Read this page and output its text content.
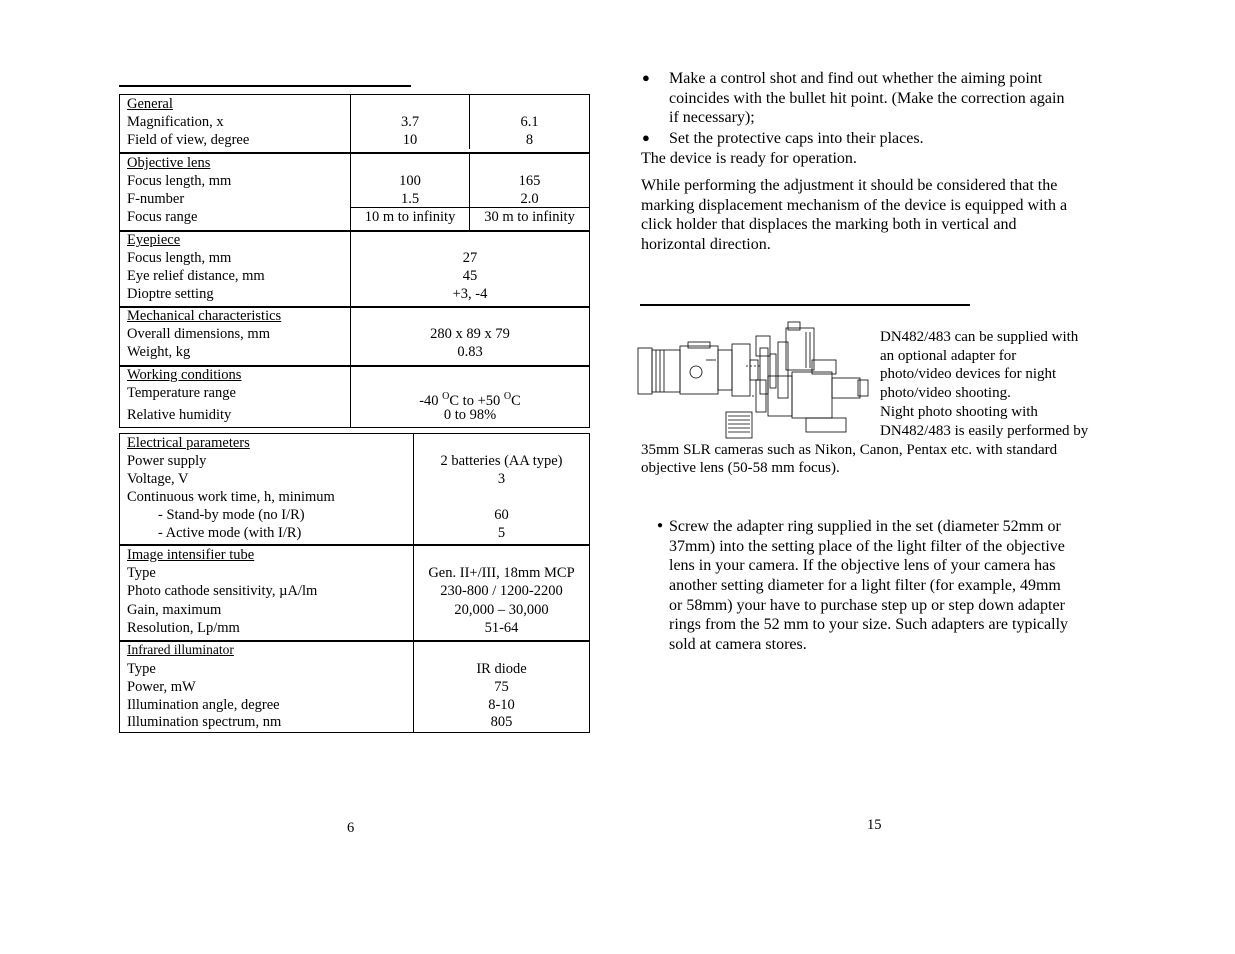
General
Magnification, x	3.7	6.1
Field of view, degree	10	8
Objective lens
Focus length, mm	100	165
F-number	1.5	2.0
Focus range	10 m to infinity	30 m to infinity
Eyepiece
Focus length, mm	27
Eye relief distance, mm	45
Dioptre setting	+3, -4
Mechanical characteristics
Overall dimensions, mm	280 x 89 x 79
Weight, kg	0.83
Working conditions
Temperature range	-40 $^O$C to +50 $^O$C
Relative humidity	0 to 98%
Electrical parameters
Power supply	2 batteries (AA type)
Voltage, V	3
Continuous work time, h, minimum
- Stand-by mode (no I/R)	60
- Active mode (with I/R)	5
Image intensifier tube
Type	Gen. II+/III, 18mm MCP
Photo cathode sensitivity, µA/lm	230-800 / 1200-2200
Gain, maximum	20,000 – 30,000
Resolution, Lp/mm	51-64
Infrared illuminator
Type	IR diode
Power, mW	75
Illumination angle, degree	8-10
Illumination spectrum, nm	805
6
● Make a control shot and find out whether the aiming point
coincides with the bullet hit point. (Make the correction again
if necessary);
● Set the protective caps into their places.
The device is ready for operation.
While performing the adjustment it should be considered that the
marking displacement mechanism of the device is equipped with a
click holder that displaces the marking both in vertical and
horizontal direction.
DN482/483 can be supplied with
an optional adapter for
photo/video devices for night
photo/video shooting.
Night photo shooting with
DN482/483 is easily performed by
35mm SLR cameras such as Nikon, Canon, Pentax etc. with standard
objective lens (50-58 mm focus).
● Screw the adapter ring supplied in the set (diameter 52mm or
37mm) into the setting place of the light filter of the objective
lens in your camera. If the objective lens of your camera has
another setting diameter for a light filter (for example, 49mm
or 58mm) your have to purchase step up or step down adapter
rings from the 52 mm to your size. Such adapters are typically
sold at camera stores.
15
